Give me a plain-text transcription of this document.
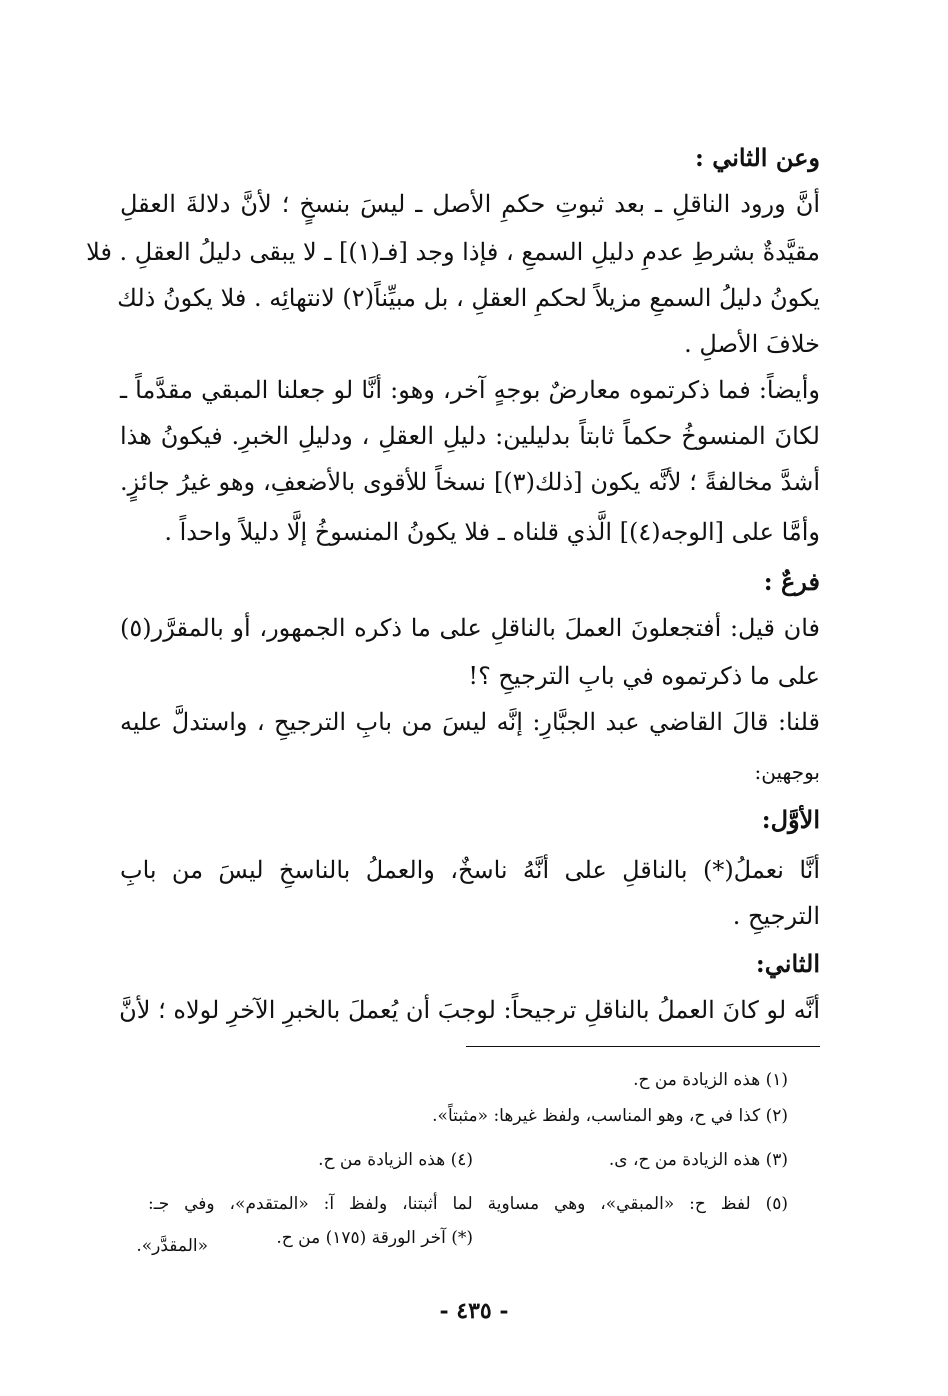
وعن الثاني :
أنَّ ورود الناقلِ ـ بعد ثبوتِ حكمِ الأصل ـ ليسَ بنسخٍ ؛ لأنَّ دلالةَ العقلِ
مقيَّدةٌ بشرطِ عدمِ دليلِ السمعِ ، فإذا وجد [فـ(١)] ـ لا يبقى دليلُ العقلِ . فلا
يكونُ دليلُ السمعِ مزيلاً لحكمِ العقلِ ، بل مبيِّناً(٢) لانتهائِه . فلا يكونُ ذلك
خلافَ الأصلِ .
وأيضاً: فما ذكرتموه معارضٌ بوجهٍ آخر، وهو: أنَّا لو جعلنا المبقي مقدَّماً ـ
لكانَ المنسوخُ حكماً ثابتاً بدليلين: دليلِ العقلِ ، ودليلِ الخبرِ. فيكونُ هذا
أشدَّ مخالفةً ؛ لأنَّه يكون [ذلك(٣)] نسخاً للأقوى بالأضعفِ، وهو غيرُ جائزٍ.
وأمَّا على [الوجه(٤)] الَّذي قلناه ـ فلا يكونُ المنسوخُ إلَّا دليلاً واحداً .
فرعٌ :
فان قيل: أفتجعلونَ العملَ بالناقلِ على ما ذكره الجمهور، أو بالمقرَّر(٥)
على ما ذكرتموه في بابِ الترجيحِ ؟!
قلنا: قالَ القاضي عبد الجبَّارِ: إنَّه ليسَ من بابِ الترجيحِ ، واستدلَّ عليه
بوجهين:
الأوَّل:
أنَّا نعملُ(*) بالناقلِ على أنَّهُ ناسخٌ، والعملُ بالناسخِ ليسَ من بابِ
الترجيحِ .
الثاني:
أنَّه لو كانَ العملُ بالناقلِ ترجيحاً: لوجبَ أن يُعملَ بالخبرِ الآخرِ لولاه ؛ لأنَّ
(١) هذه الزيادة من ح.
(٢) كذا في ح، وهو المناسب، ولفظ غيرها: «مثبتاً».
(٣) هذه الزيادة من ح، ى.
(٤) هذه الزيادة من ح.
(٥) لفظ ح: «المبقي»، وهي مساوية لما أثبتنا، ولفظ آ: «المتقدم»، وفي جـ:
«المقدَّر».	(*) آخر الورقة (١٧٥) من ح.
- ٤٣٥ -
